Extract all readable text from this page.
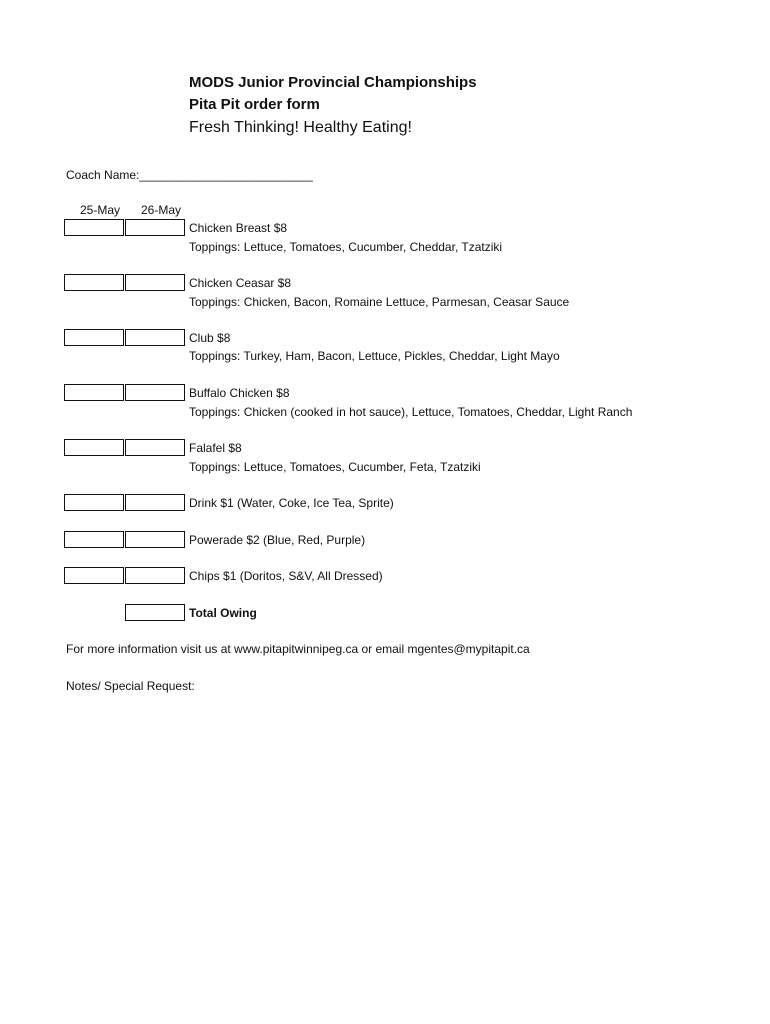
MODS Junior Provincial Championships
Pita Pit order form
Fresh Thinking! Healthy Eating!
Coach Name:__________________________
25-May 26-May
Chicken Breast $8
Toppings: Lettuce, Tomatoes, Cucumber, Cheddar, Tzatziki
Chicken Ceasar $8
Toppings: Chicken, Bacon, Romaine Lettuce, Parmesan, Ceasar Sauce
Club $8
Toppings: Turkey, Ham, Bacon, Lettuce, Pickles, Cheddar, Light Mayo
Buffalo Chicken $8
Toppings: Chicken (cooked in hot sauce), Lettuce, Tomatoes, Cheddar, Light Ranch
Falafel $8
Toppings: Lettuce, Tomatoes, Cucumber, Feta, Tzatziki
Drink $1 (Water, Coke, Ice Tea, Sprite)
Powerade $2 (Blue, Red, Purple)
Chips $1 (Doritos, S&V, All Dressed)
Total Owing
For more information visit us at www.pitapitwinnipeg.ca or email mgentes@mypitapit.ca
Notes/ Special Request:
